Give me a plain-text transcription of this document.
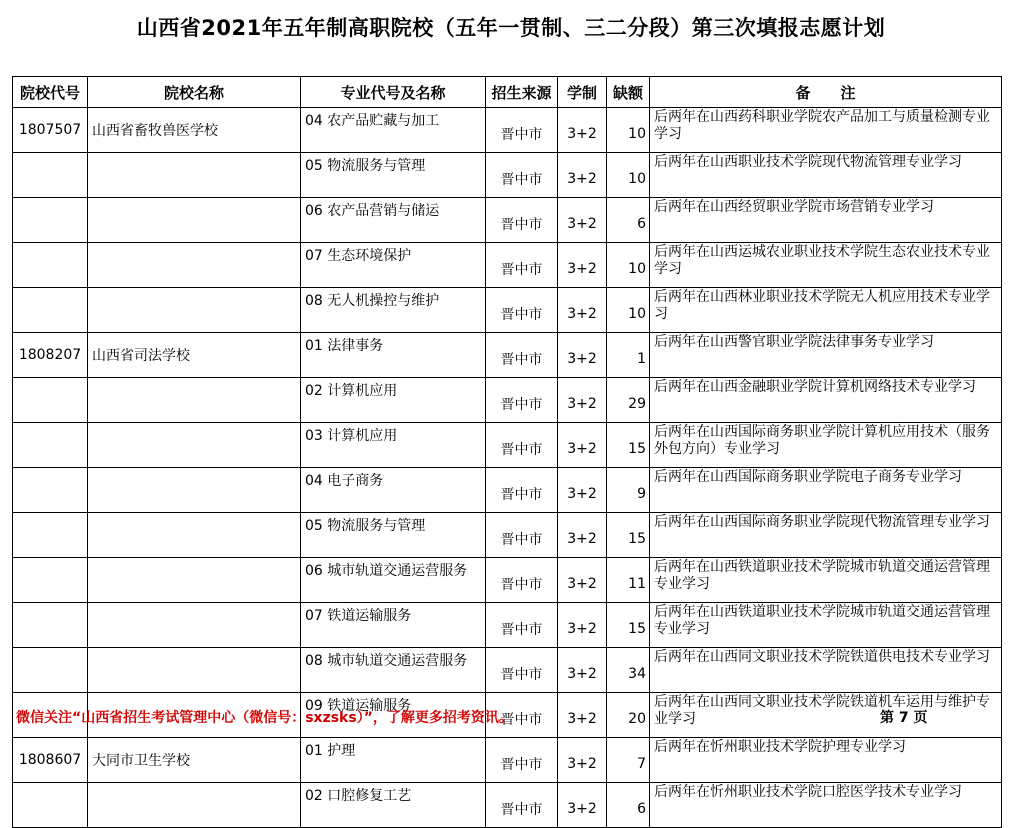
山西省2021年五年制高职院校（五年一贯制、三二分段）第三次填报志愿计划
院校代号	院校名称	专业代号及名称	招生来源	学制	缺额	备　　注
1807507	山西省畜牧兽医学校	04 农产品贮藏与加工	晋中市	3+2	10	后两年在山西药科职业学院农产品加工与质量检测专业学习
		05 物流服务与管理	晋中市	3+2	10	后两年在山西职业技术学院现代物流管理专业学习
		06 农产品营销与储运	晋中市	3+2	6	后两年在山西经贸职业学院市场营销专业学习
		07 生态环境保护	晋中市	3+2	10	后两年在山西运城农业职业技术学院生态农业技术专业学习
		08 无人机操控与维护	晋中市	3+2	10	后两年在山西林业职业技术学院无人机应用技术专业学习
1808207	山西省司法学校	01 法律事务	晋中市	3+2	1	后两年在山西警官职业学院法律事务专业学习
		02 计算机应用	晋中市	3+2	29	后两年在山西金融职业学院计算机网络技术专业学习
		03 计算机应用	晋中市	3+2	15	后两年在山西国际商务职业学院计算机应用技术（服务外包方向）专业学习
		04 电子商务	晋中市	3+2	9	后两年在山西国际商务职业学院电子商务专业学习
		05 物流服务与管理	晋中市	3+2	15	后两年在山西国际商务职业学院现代物流管理专业学习
		06 城市轨道交通运营服务	晋中市	3+2	11	后两年在山西铁道职业技术学院城市轨道交通运营管理专业学习
		07 铁道运输服务	晋中市	3+2	15	后两年在山西铁道职业技术学院城市轨道交通运营管理专业学习
		08 城市轨道交通运营服务	晋中市	3+2	34	后两年在山西同文职业技术学院铁道供电技术专业学习
		09 铁道运输服务	晋中市	3+2	20	后两年在山西同文职业技术学院铁道机车运用与维护专业学习
1808607	大同市卫生学校	01 护理	晋中市	3+2	7	后两年在忻州职业技术学院护理专业学习
		02 口腔修复工艺	晋中市	3+2	6	后两年在忻州职业技术学院口腔医学技术专业学习
微信关注“山西省招生考试管理中心（微信号：sxzsks）”，了解更多招考资讯。	第 7 页
